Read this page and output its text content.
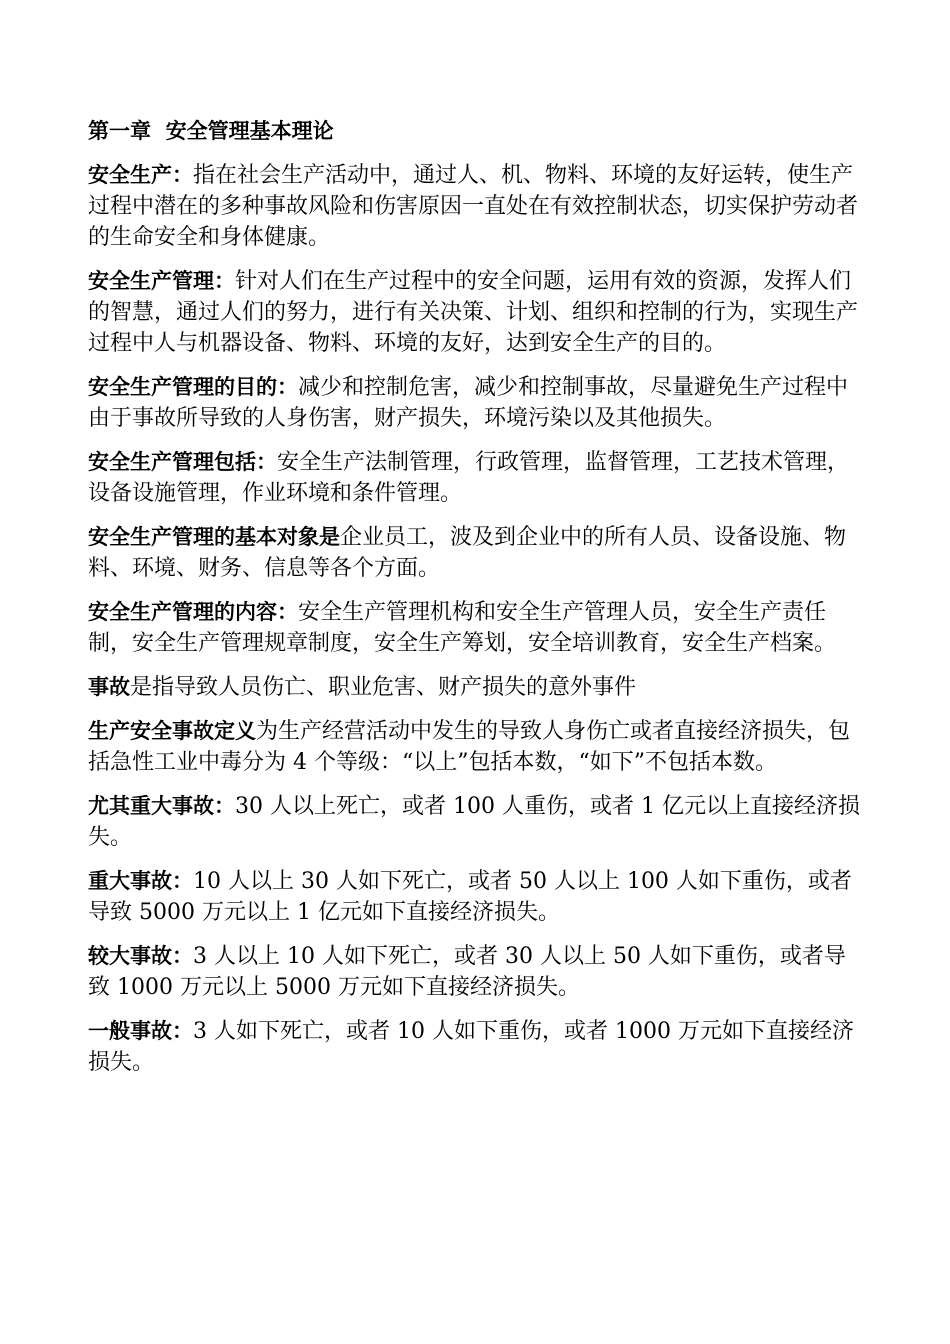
第一章  安全管理基本理论

安全生产：指在社会生产活动中，通过人、机、物料、环境的友好运转，使生产过程中潜在的多种事故风险和伤害原因一直处在有效控制状态，切实保护劳动者的生命安全和身体健康。

安全生产管理：针对人们在生产过程中的安全问题，运用有效的资源，发挥人们的智慧，通过人们的努力，进行有关决策、计划、组织和控制的行为，实现生产过程中人与机器设备、物料、环境的友好，达到安全生产的目的。

安全生产管理的目的：减少和控制危害，减少和控制事故，尽量避免生产过程中由于事故所导致的人身伤害，财产损失，环境污染以及其他损失。

安全生产管理包括：安全生产法制管理，行政管理，监督管理，工艺技术管理，设备设施管理，作业环境和条件管理。

安全生产管理的基本对象是企业员工，波及到企业中的所有人员、设备设施、物料、环境、财务、信息等各个方面。

安全生产管理的内容：安全生产管理机构和安全生产管理人员，安全生产责任制，安全生产管理规章制度，安全生产筹划，安全培训教育，安全生产档案。

事故是指导致人员伤亡、职业危害、财产损失的意外事件

生产安全事故定义为生产经营活动中发生的导致人身伤亡或者直接经济损失，包括急性工业中毒分为 4 个等级：“以上”包括本数，“如下”不包括本数。

尤其重大事故：30 人以上死亡，或者 100 人重伤，或者 1 亿元以上直接经济损失。

重大事故：10 人以上 30 人如下死亡，或者 50 人以上 100 人如下重伤，或者导致 5000 万元以上 1 亿元如下直接经济损失。

较大事故：3 人以上 10 人如下死亡，或者 30 人以上 50 人如下重伤，或者导致 1000 万元以上 5000 万元如下直接经济损失。

一般事故：3 人如下死亡，或者 10 人如下重伤，或者 1000 万元如下直接经济损失。
